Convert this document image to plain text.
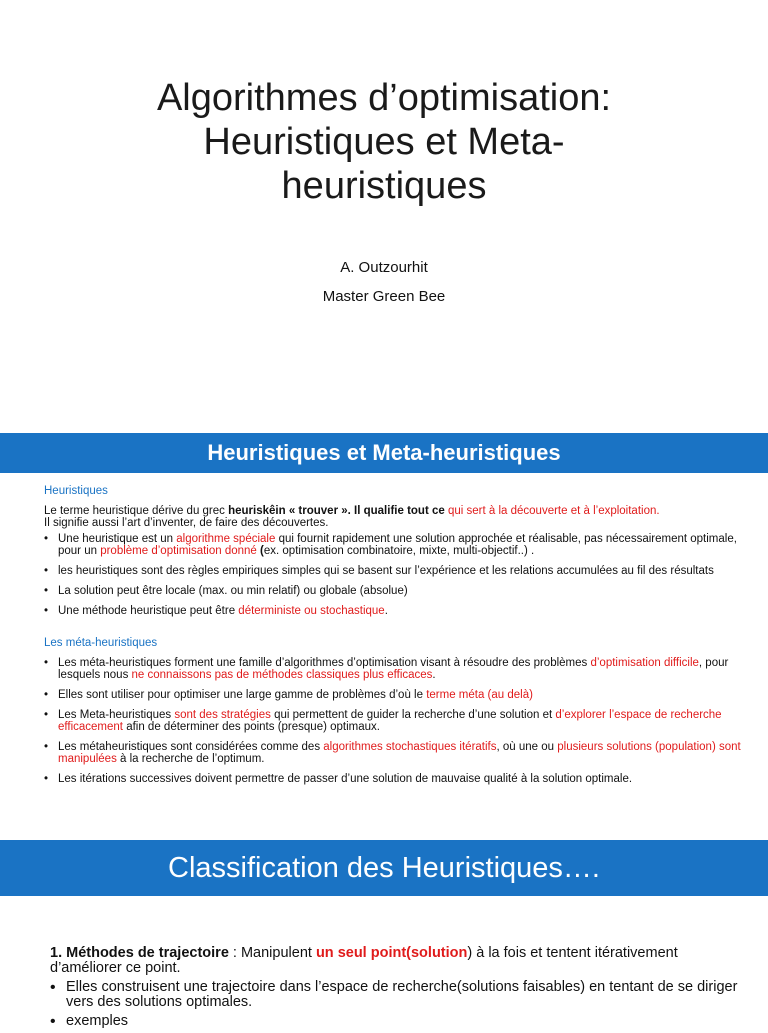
Algorithmes d’optimisation:
Heuristiques et Meta-
heuristiques
A. Outzourhit
Master Green Bee
Heuristiques et Meta-heuristiques
Heuristiques
Le terme heuristique dérive du grec heuriskêin « trouver ». Il qualifie tout ce qui sert à la découverte et à l’exploitation.
Il signifie aussi l’art d’inventer, de faire des découvertes.
• Une heuristique est un algorithme spéciale qui fournit rapidement une solution approchée et réalisable, pas nécessairement optimale, pour un problème d’optimisation donné (ex. optimisation combinatoire, mixte, multi-objectif..) .
• les heuristiques sont des règles empiriques simples qui se basent sur l’expérience et les relations accumulées au fil des résultats
• La solution peut être locale (max. ou min relatif) ou globale (absolue)
• Une méthode heuristique peut être déterministe ou stochastique.
Les méta-heuristiques
• Les méta-heuristiques forment une famille d’algorithmes d’optimisation visant à résoudre des problèmes d’optimisation difficile, pour lesquels nous ne connaissons pas de méthodes classiques plus efficaces.
• Elles sont utiliser pour optimiser une large gamme de problèmes d’où le terme méta (au delà)
• Les Meta-heuristiques sont des stratégies qui permettent de guider la recherche d’une solution et d’explorer l’espace de recherche efficacement afin de déterminer des points (presque) optimaux.
• Les métaheuristiques sont considérées comme des algorithmes stochastiques itératifs, où une ou plusieurs solutions (population) sont manipulées à la recherche de l’optimum.
• Les itérations successives doivent permettre de passer d’une solution de mauvaise qualité à la solution optimale.
Classification des Heuristiques….
1. Méthodes de trajectoire : Manipulent un seul point(solution) à la fois et tentent itérativement d’améliorer ce point.
• Elles construisent une trajectoire dans l’espace de recherche(solutions faisables) en tentant de se diriger vers des solutions optimales.
• exemples
